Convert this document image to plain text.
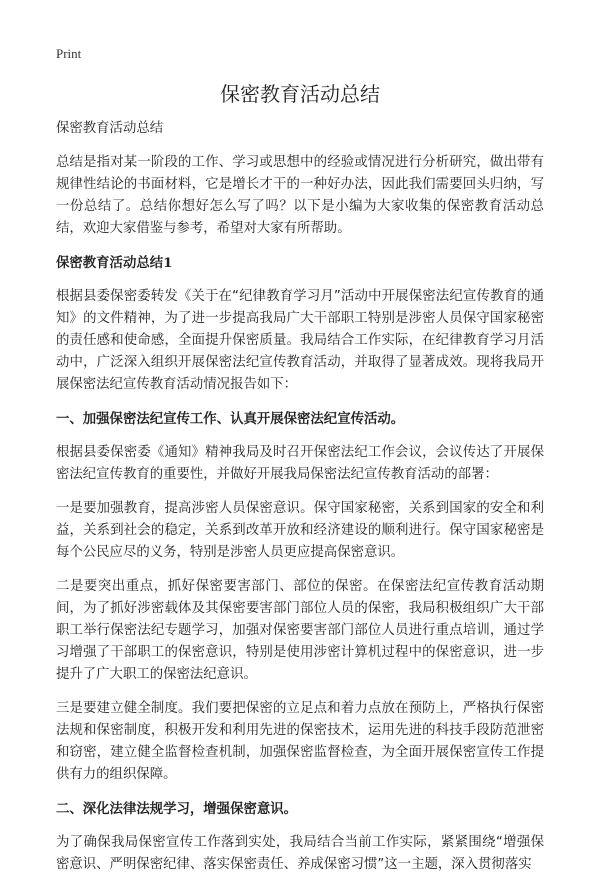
Print
保密教育活动总结

保密教育活动总结

总结是指对某一阶段的工作、学习或思想中的经验或情况进行分析研究，做出带有规律性结论的书面材料，它是增长才干的一种好办法，因此我们需要回头归纳，写一份总结了。总结你想好怎么写了吗？以下是小编为大家收集的保密教育活动总结，欢迎大家借鉴与参考，希望对大家有所帮助。

保密教育活动总结1

根据县委保密委转发《关于在“纪律教育学习月”活动中开展保密法纪宣传教育的通知》的文件精神，为了进一步提高我局广大干部职工特别是涉密人员保守国家秘密的责任感和使命感，全面提升保密质量。我局结合工作实际，在纪律教育学习月活动中，广泛深入组织开展保密法纪宣传教育活动，并取得了显著成效。现将我局开展保密法纪宣传教育活动情况报告如下：

一、加强保密法纪宣传工作、认真开展保密法纪宣传活动。

根据县委保密委《通知》精神我局及时召开保密法纪工作会议，会议传达了开展保密法纪宣传教育的重要性，并做好开展我局保密法纪宣传教育活动的部署：

一是要加强教育，提高涉密人员保密意识。保守国家秘密，关系到国家的安全和利益，关系到社会的稳定，关系到改革开放和经济建设的顺利进行。保守国家秘密是每个公民应尽的义务，特别是涉密人员更应提高保密意识。

二是要突出重点，抓好保密要害部门、部位的保密。在保密法纪宣传教育活动期间，为了抓好涉密载体及其保密要害部门部位人员的保密，我局积极组织广大干部职工举行保密法纪专题学习，加强对保密要害部门部位人员进行重点培训，通过学习增强了干部职工的保密意识，特别是使用涉密计算机过程中的保密意识，进一步提升了广大职工的保密法纪意识。

三是要建立健全制度。我们要把保密的立足点和着力点放在预防上，严格执行保密法规和保密制度，积极开发和利用先进的保密技术，运用先进的科技手段防范泄密和窃密，建立健全监督检查机制，加强保密监督检查，为全面开展保密宣传工作提供有力的组织保障。

二、深化法律法规学习，增强保密意识。

为了确保我局保密宣传工作落到实处，我局结合当前工作实际，紧紧围绕“增强保密意识、严明保密纪律、落实保密责任、养成保密习惯”这一主题，深入贯彻落实
